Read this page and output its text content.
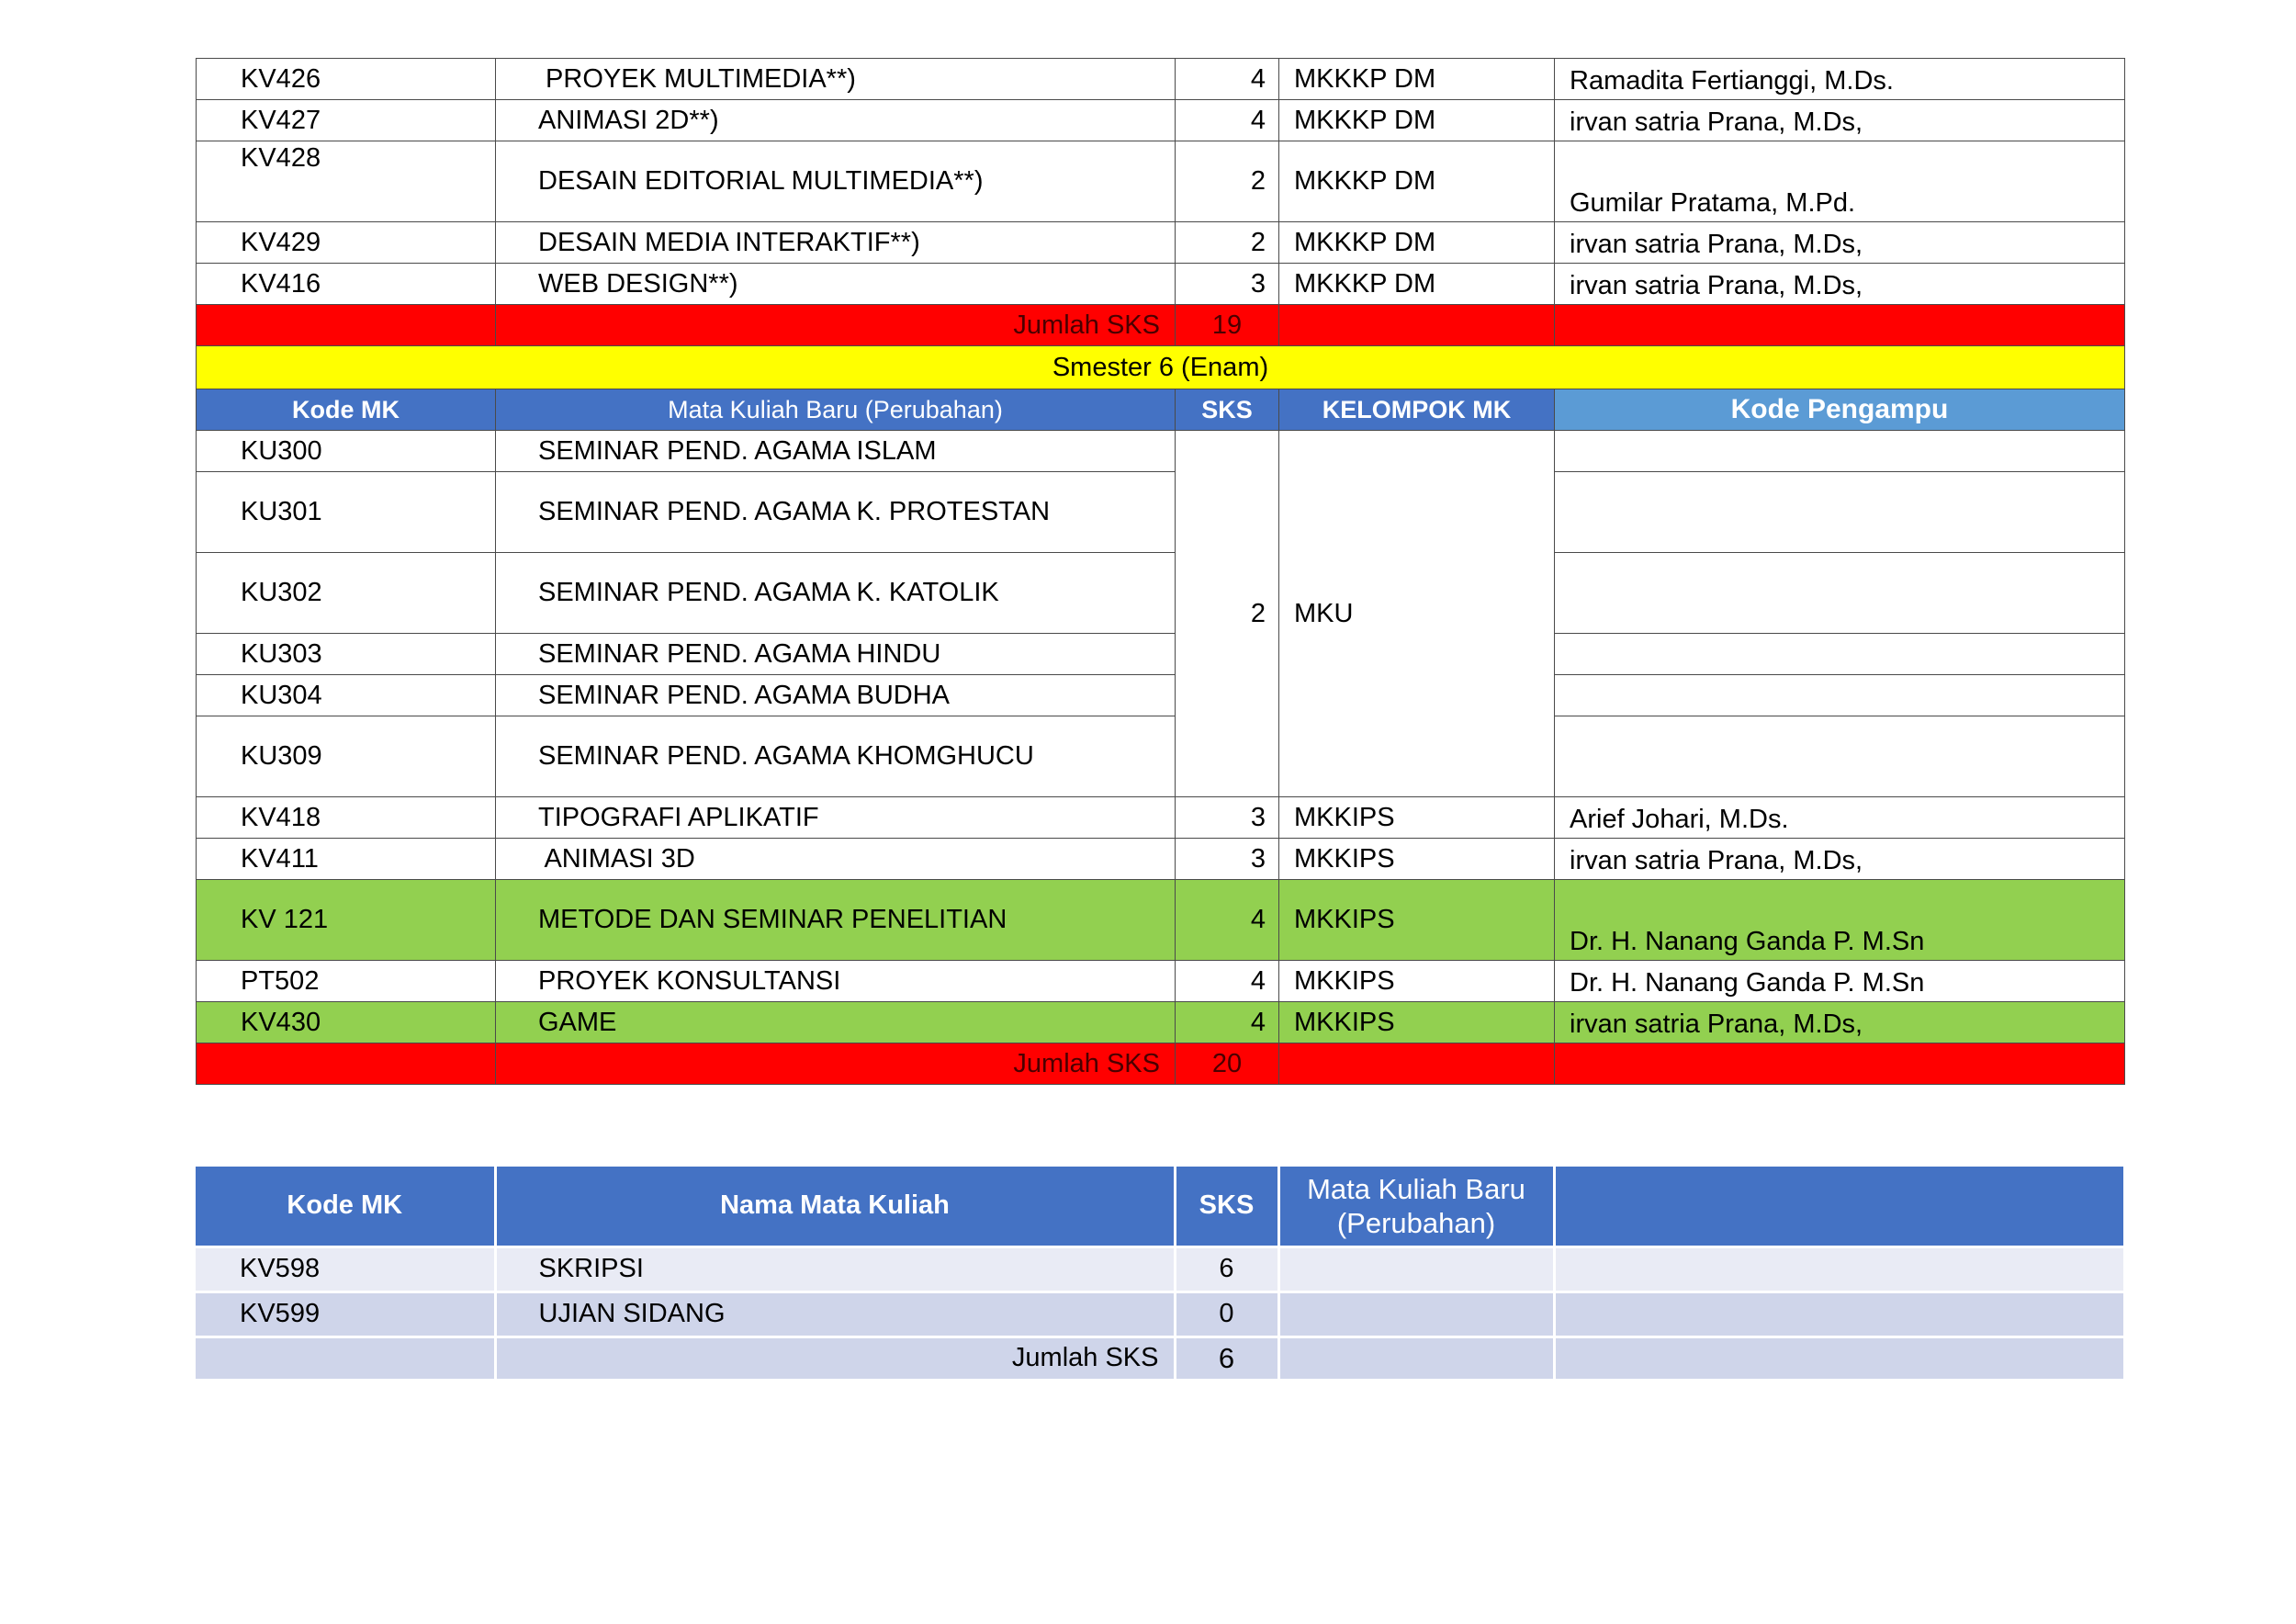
KV426	PROYEK MULTIMEDIA**)	4	MKKKP DM	Ramadita Fertianggi, M.Ds.
KV427	ANIMASI 2D**)	4	MKKKP DM	irvan satria Prana, M.Ds,
KV428	DESAIN EDITORIAL MULTIMEDIA**)	2	MKKKP DM	Gumilar Pratama, M.Pd.
KV429	DESAIN MEDIA INTERAKTIF**)	2	MKKKP DM	irvan satria Prana, M.Ds,
KV416	WEB DESIGN**)	3	MKKKP DM	irvan satria Prana, M.Ds,
	Jumlah SKS	19		
Smester 6 (Enam)				
Kode MK	Mata Kuliah Baru (Perubahan)	SKS	KELOMPOK MK	Kode Pengampu
KU300	SEMINAR PEND. AGAMA ISLAM	2	MKU	
KU301	SEMINAR PEND. AGAMA K. PROTESTAN			
KU302	SEMINAR PEND. AGAMA K. KATOLIK			
KU303	SEMINAR PEND. AGAMA HINDU			
KU304	SEMINAR PEND. AGAMA BUDHA			
KU309	SEMINAR PEND. AGAMA KHOMGHUCU			
KV418	TIPOGRAFI APLIKATIF	3	MKKIPS	Arief Johari, M.Ds.
KV411	ANIMASI 3D	3	MKKIPS	irvan satria Prana, M.Ds,
KV 121	METODE DAN SEMINAR PENELITIAN	4	MKKIPS	Dr. H. Nanang Ganda P. M.Sn
PT502	PROYEK KONSULTANSI	4	MKKIPS	Dr. H. Nanang Ganda P. M.Sn
KV430	GAME	4	MKKIPS	irvan satria Prana, M.Ds,
	Jumlah SKS	20		
Kode MK	Nama Mata Kuliah	SKS	Mata Kuliah Baru
(Perubahan)	

KV598	SKRIPSI	6		
KV599	UJIAN SIDANG	0		
	Jumlah SKS	6		
